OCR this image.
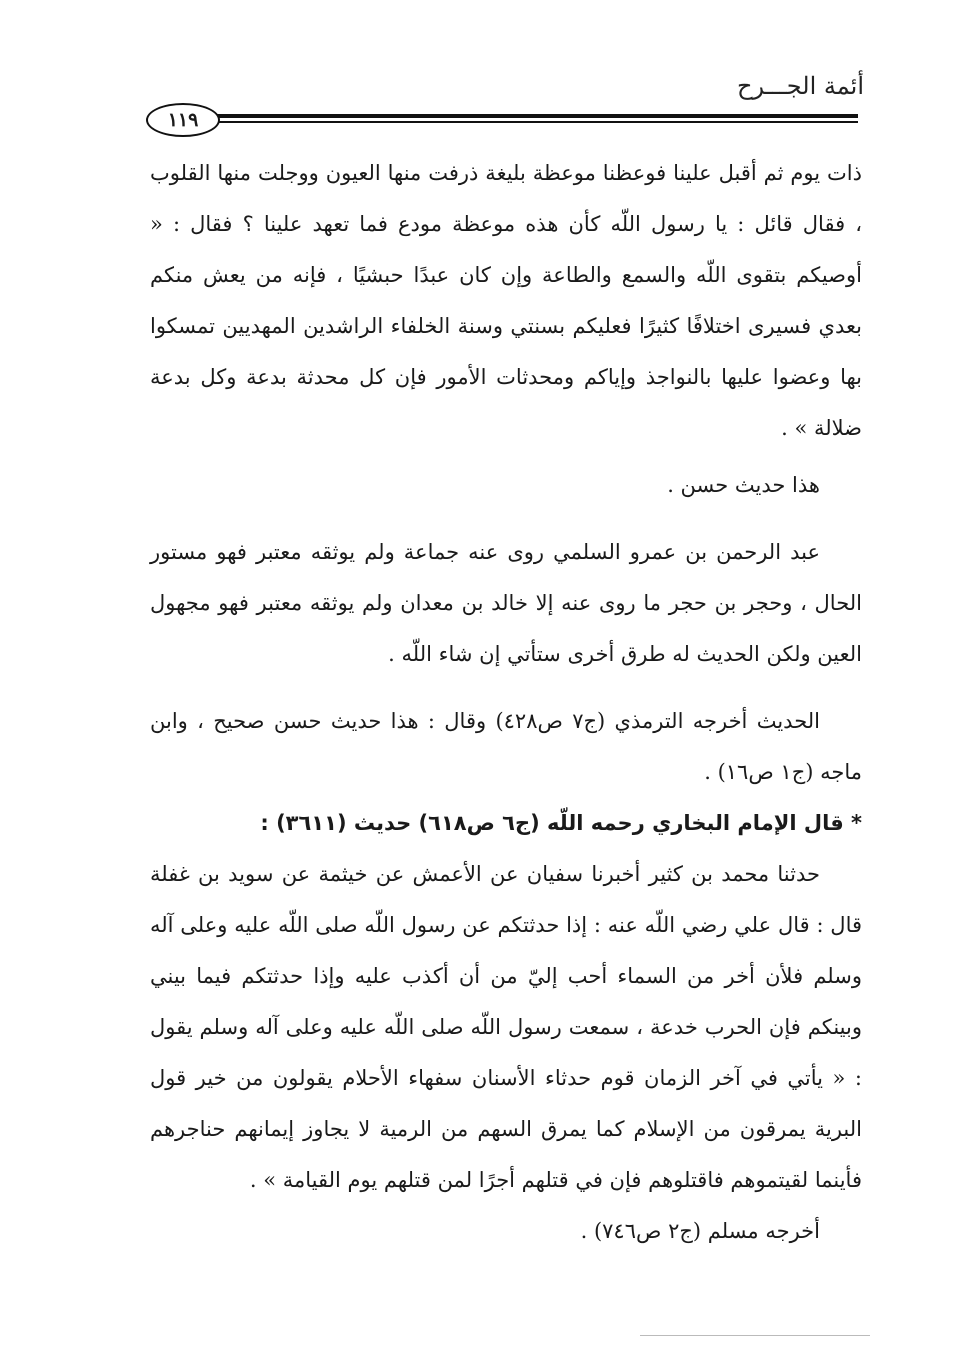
أئمة الجـــرح
١١٩

ذات يوم ثم أقبل علينا فوعظنا موعظة بليغة ذرفت منها العيون ووجلت منها القلوب ، فقال قائل : يا رسول اللّه كأن هذه موعظة مودع فما تعهد علينا ؟ فقال : « أوصيكم بتقوى اللّه والسمع والطاعة وإن كان عبدًا حبشيًا ، فإنه من يعش منكم بعدي فسيرى اختلافًا كثيرًا فعليكم بسنتي وسنة الخلفاء الراشدين المهديين تمسكوا بها وعضوا عليها بالنواجذ وإياكم ومحدثات الأمور فإن كل محدثة بدعة وكل بدعة ضلالة » .

هذا حديث حسن .

عبد الرحمن بن عمرو السلمي روى عنه جماعة ولم يوثقه معتبر فهو مستور الحال ، وحجر بن حجر ما روى عنه إلا خالد بن معدان ولم يوثقه معتبر فهو مجهول العين ولكن الحديث له طرق أخرى ستأتي إن شاء اللّه .

الحديث أخرجه الترمذي (ج٧ ص٤٢٨) وقال : هذا حديث حسن صحيح ، وابن ماجه (ج١ ص١٦) .

* قال الإمام البخاري رحمه اللّه (ج٦ ص٦١٨) حديث (٣٦١١) :

حدثنا محمد بن كثير أخبرنا سفيان عن الأعمش عن خيثمة عن سويد بن غفلة قال : قال علي رضي اللّه عنه : إذا حدثتكم عن رسول اللّه صلى اللّه عليه وعلى آله وسلم فلأن أخر من السماء أحب إليّ من أن أكذب عليه وإذا حدثتكم فيما بيني وبينكم فإن الحرب خدعة ، سمعت رسول اللّه صلى اللّه عليه وعلى آله وسلم يقول : « يأتي في آخر الزمان قوم حدثاء الأسنان سفهاء الأحلام يقولون من خير قول البرية يمرقون من الإسلام كما يمرق السهم من الرمية لا يجاوز إيمانهم حناجرهم فأينما لقيتموهم فاقتلوهم فإن في قتلهم أجرًا لمن قتلهم يوم القيامة » .

أخرجه مسلم (ج٢ ص٧٤٦) .
